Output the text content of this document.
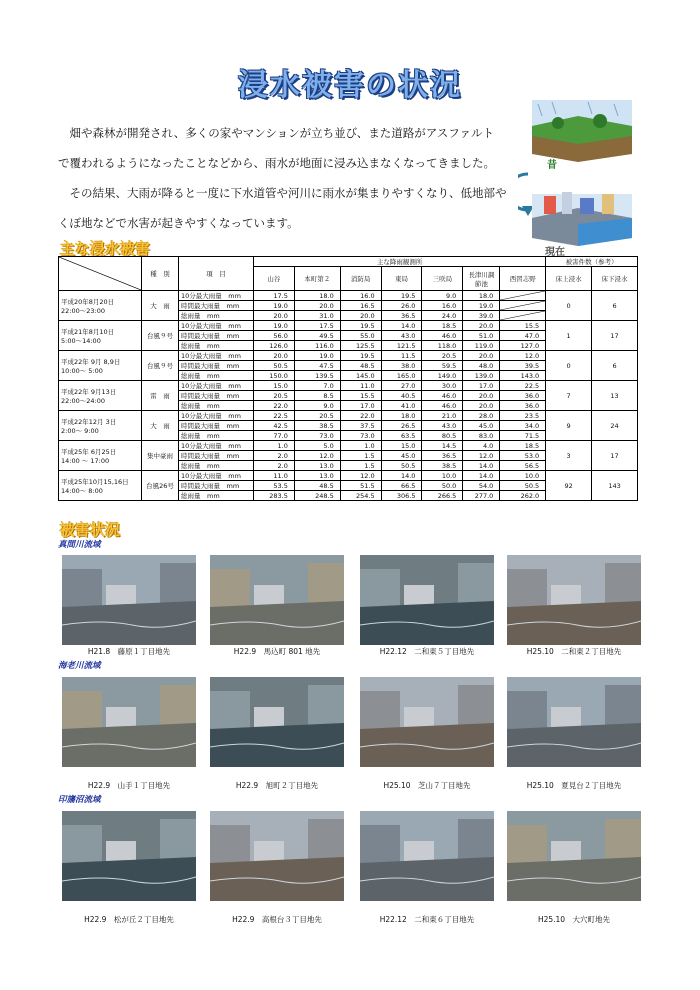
浸水被害の状況

畑や森林が開発され、多くの家やマンションが立ち並び、また道路がアスファルト
で覆われるようになったことなどから、雨水が地面に浸み込まなくなってきました。

その結果、大雨が降ると一度に下水道管や河川に雨水が集まりやすくなり、低地部や
くぼ地などで水害が起きやすくなっています。

昔
現在
主な浸水被害
	種　別	項　目	主な降雨観測所							被害件数（参考）	
			山谷	本町第２	消防局	東局	三咲局	長津川調節池	西習志野	床上浸水	床下浸水

平成20年8月20日
22:00～23:00	大　雨	10分最大雨量　mm	17.5	18.0	16.0	19.5	9.0	18.0		0	6
		時間最大雨量　mm	19.0	20.0	16.5	26.0	16.0	19.0	

		総雨量　mm	20.0	31.0	20.0	36.5	24.0	39.0	

平成21年8月10日
5:00～14:00	台風９号	10分最大雨量　mm	19.0	17.5	19.5	14.0	18.5	20.0	15.5	1	17
		時間最大雨量　mm	56.0	49.5	55.0	43.0	46.0	51.0	47.0		
		総雨量　mm	126.0	116.0	125.5	121.5	118.0	119.0	127.0		

平成22年 9月 8,9日
10:00～ 5:00	台風９号	10分最大雨量　mm	20.0	19.0	19.5	11.5	20.5	20.0	12.0	0	6
		時間最大雨量　mm	50.5	47.5	48.5	38.0	59.5	48.0	39.5		
		総雨量　mm	150.0	139.5	145.0	165.0	149.0	139.0	143.0		

平成22年 9月13日
22:00～24:00	雷　雨	10分最大雨量　mm	15.0	7.0	11.0	27.0	30.0	17.0	22.5	7	13
		時間最大雨量　mm	20.5	8.5	15.5	40.5	46.0	20.0	36.0		
		総雨量　mm	22.0	9.0	17.0	41.0	46.0	20.0	36.0		

平成22年12月 3日
2:00～ 9:00	大　雨	10分最大雨量　mm	22.5	20.5	22.0	18.0	21.0	28.0	23.5	9	24
		時間最大雨量　mm	42.5	38.5	37.5	26.5	43.0	45.0	34.0		
		総雨量　mm	77.0	73.0	73.0	63.5	80.5	83.0	71.5		

平成25年 6月25日
14:00 ～ 17:00	集中豪雨	10分最大雨量　mm	1.0	5.0	1.0	15.0	14.5	4.0	18.5	3	17
		時間最大雨量　mm	2.0	12.0	1.5	45.0	36.5	12.0	53.0		
		総雨量　mm	2.0	13.0	1.5	50.5	38.5	14.0	56.5		

平成25年10月15,16日
14:00～ 8:00	台風26号	10分最大雨量　mm	11.0	13.0	12.0	14.0	10.0	14.0	10.0	92	143
		時間最大雨量　mm	53.5	48.5	51.5	66.5	50.0	54.0	50.5		
		総雨量　mm	283.5	248.5	254.5	306.5	266.5	277.0	262.0		
被害状況
真間川流域
H21.8　藤原１丁目地先	H22.9　馬込町 801 地先	H22.12　二和東５丁目地先	H25.10　二和東２丁目地先
海老川流域
H22.9　山手１丁目地先	H22.9　旭町２丁目地先	H25.10　芝山７丁目地先	H25.10　夏見台２丁目地先
印旛沼流域
H22.9　松が丘２丁目地先	H22.9　高根台３丁目地先	H22.12　二和東６丁目地先	H25.10　大穴町地先
